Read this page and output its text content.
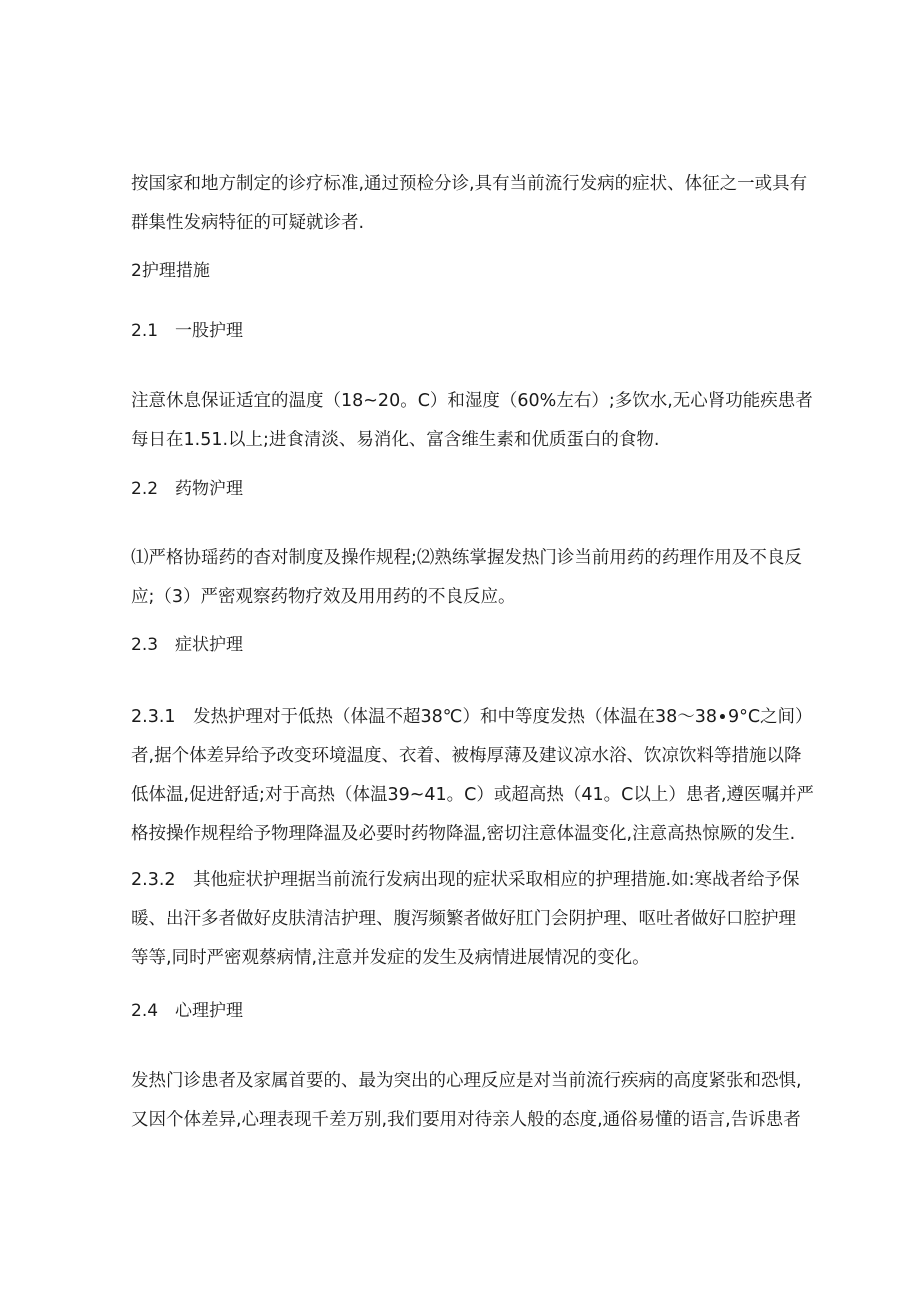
按国家和地方制定的诊疗标准,通过预检分诊,具有当前流行发病的症状、体征之一或具有
群集性发病特征的可疑就诊者.
2护理措施
2.1　一股护理
注意休息保证适宜的温度（18~20。C）和湿度（60%左右）;多饮水,无心肾功能疾患者
每日在1.51.以上;进食清淡、易消化、富含维生素和优质蛋白的食物.
2.2　药物沪理
⑴严格协瑶药的杳对制度及操作规程;⑵熟练掌握发热门诊当前用药的药理作用及不良反
应;（3）严密观察药物疗效及用用药的不良反应。
2.3　症状护理
2.3.1　发热护理对于低热（体温不超38℃）和中等度发热（体温在38～38∙9°C之间）
者,据个体差异给予改变环境温度、衣着、被梅厚薄及建议凉水浴、饮凉饮料等措施以降
低体温,促进舒适;对于高热（体温39~41。C）或超高热（41。C以上）患者,遵医嘱并严
格按操作规程给予物理降温及必要时药物降温,密切注意体温变化,注意高热惊厥的发生.
2.3.2　其他症状护理据当前流行发病出现的症状采取相应的护理措施.如:寒战者给予保
暖、出汗多者做好皮肤清洁护理、腹泻频繁者做好肛门会阴护理、呕吐者做好口腔护理
等等,同时严密观蔡病情,注意并发症的发生及病情进展情况的变化。
2.4　心理护理
发热门诊患者及家属首要的、最为突出的心理反应是对当前流行疾病的高度紧张和恐惧,
又因个体差异,心理表现千差万别,我们要用对待亲人般的态度,通俗易懂的语言,告诉患者
